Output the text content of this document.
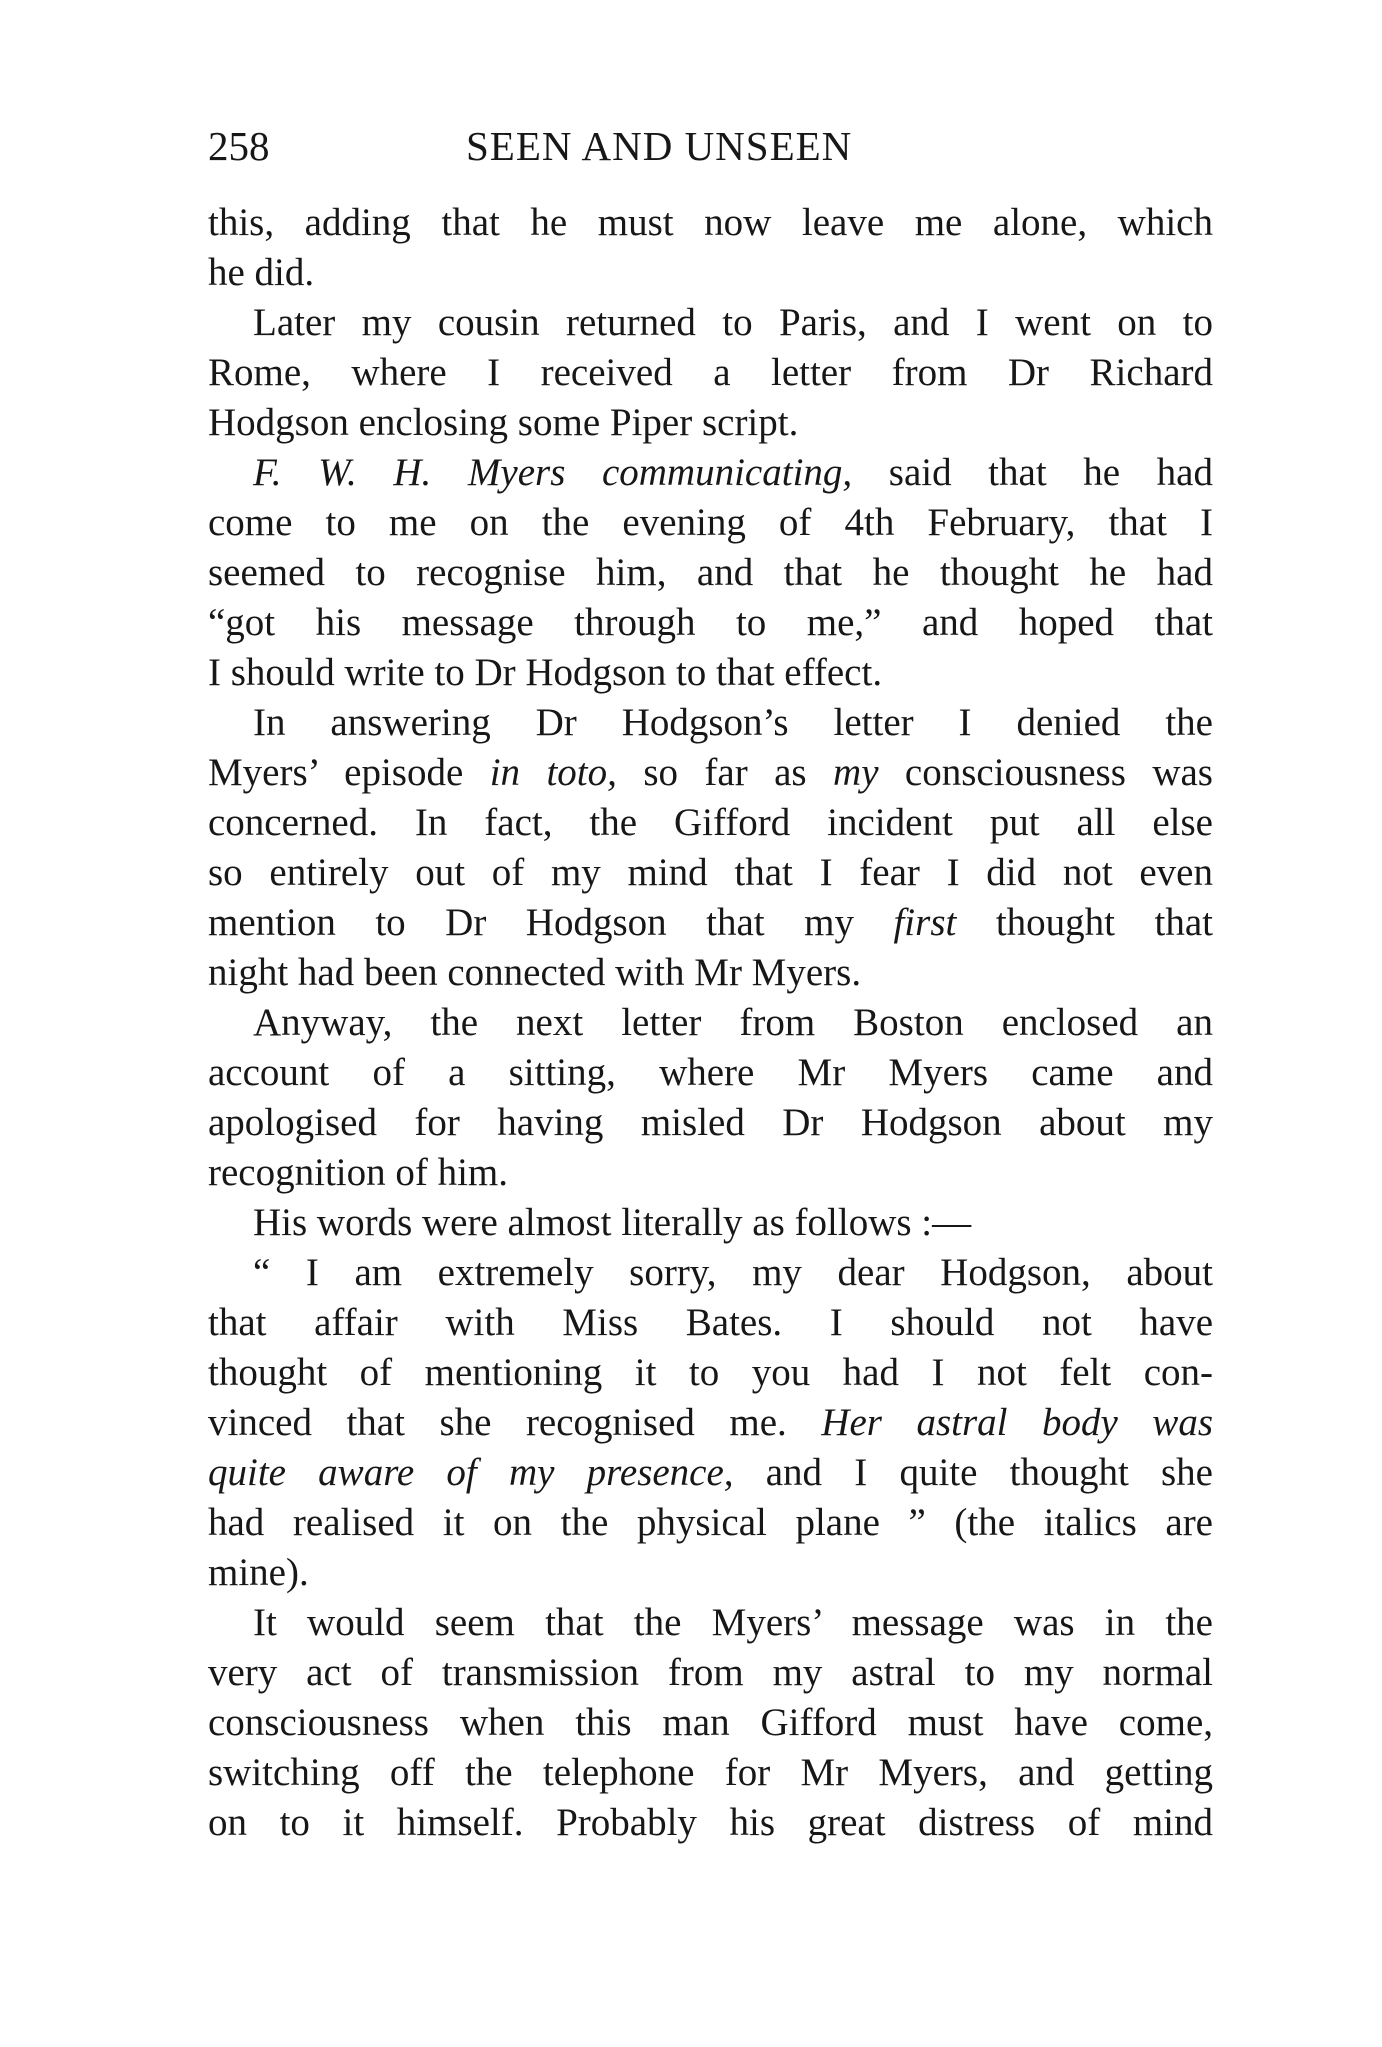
258	SEEN AND UNSEEN
this, adding that he must now leave me alone, which
he did.
Later my cousin returned to Paris, and I went on to
Rome, where I received a letter from Dr Richard
Hodgson enclosing some Piper script.
F. W. H. Myers communicating, said that he had
come to me on the evening of 4th February, that I
seemed to recognise him, and that he thought he had
“got his message through to me,” and hoped that
I should write to Dr Hodgson to that effect.
In answering Dr Hodgson’s letter I denied the
Myers’ episode in toto, so far as my consciousness was
concerned. In fact, the Gifford incident put all else
so entirely out of my mind that I fear I did not even
mention to Dr Hodgson that my first thought that
night had been connected with Mr Myers.
Anyway, the next letter from Boston enclosed an
account of a sitting, where Mr Myers came and
apologised for having misled Dr Hodgson about my
recognition of him.
His words were almost literally as follows :—
“ I am extremely sorry, my dear Hodgson, about
that affair with Miss Bates. I should not have
thought of mentioning it to you had I not felt con-
vinced that she recognised me. Her astral body was
quite aware of my presence, and I quite thought she
had realised it on the physical plane ” (the italics are
mine).
It would seem that the Myers’ message was in the
very act of transmission from my astral to my normal
consciousness when this man Gifford must have come,
switching off the telephone for Mr Myers, and getting
on to it himself. Probably his great distress of mind
